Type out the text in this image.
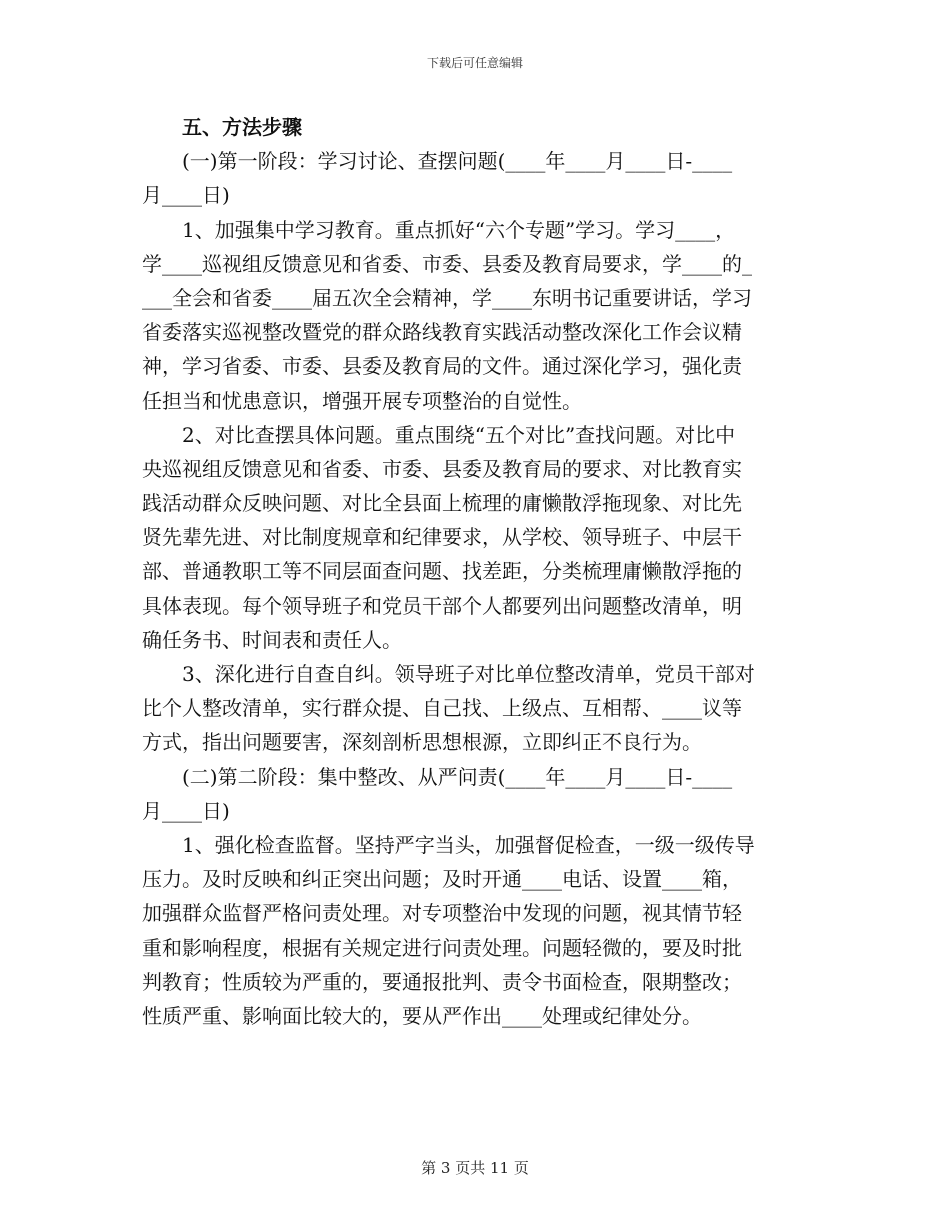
下载后可任意编辑
五、方法步骤
(一)第一阶段：学习讨论、查摆问题(____年____月____日-____
月____日)
1、加强集中学习教育。重点抓好“六个专题”学习。学习____，
学____巡视组反馈意见和省委、市委、县委及教育局要求，学____的_
___全会和省委____届五次全会精神，学____东明书记重要讲话，学习
省委落实巡视整改暨党的群众路线教育实践活动整改深化工作会议精
神，学习省委、市委、县委及教育局的文件。通过深化学习，强化责
任担当和忧患意识，增强开展专项整治的自觉性。
2、对比查摆具体问题。重点围绕“五个对比”查找问题。对比中
央巡视组反馈意见和省委、市委、县委及教育局的要求、对比教育实
践活动群众反映问题、对比全县面上梳理的庸懒散浮拖现象、对比先
贤先辈先进、对比制度规章和纪律要求，从学校、领导班子、中层干
部、普通教职工等不同层面查问题、找差距，分类梳理庸懒散浮拖的
具体表现。每个领导班子和党员干部个人都要列出问题整改清单，明
确任务书、时间表和责任人。
3、深化进行自查自纠。领导班子对比单位整改清单，党员干部对
比个人整改清单，实行群众提、自己找、上级点、互相帮、____议等
方式，指出问题要害，深刻剖析思想根源，立即纠正不良行为。
(二)第二阶段：集中整改、从严问责(____年____月____日-____
月____日)
1、强化检查监督。坚持严字当头，加强督促检查，一级一级传导
压力。及时反映和纠正突出问题；及时开通____电话、设置____箱，
加强群众监督严格问责处理。对专项整治中发现的问题，视其情节轻
重和影响程度，根据有关规定进行问责处理。问题轻微的，要及时批
判教育；性质较为严重的，要通报批判、责令书面检查，限期整改；
性质严重、影响面比较大的，要从严作出____处理或纪律处分。
第 3 页共 11 页
